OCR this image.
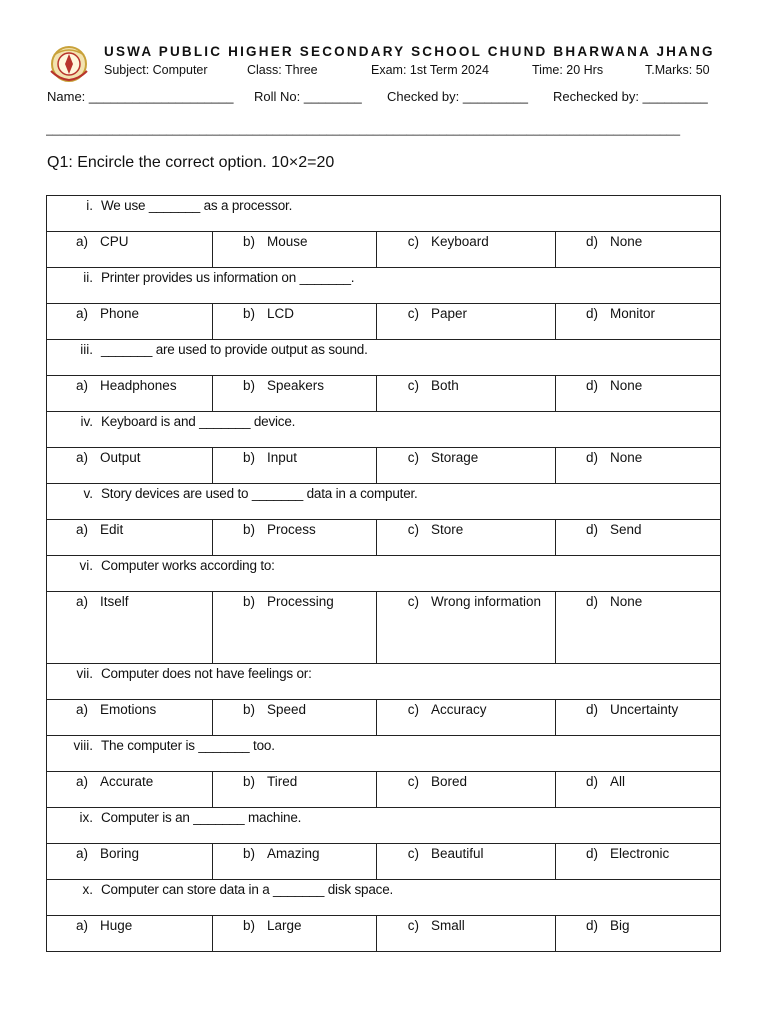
USWA PUBLIC HIGHER SECONDARY SCHOOL CHUND BHARWANA JHANG
Subject: Computer	Class: Three	Exam: 1st Term 2024	Time: 20 Hrs	T.Marks: 50
Name: ____________________ Roll No: ________ Checked by: _________ Rechecked by: _________
_______________________________________________________________________________________________
Q1: Encircle the correct option. 10×2=20
i. We use _______ as a processor.			

a) CPU	b) Mouse	c) Keyboard	d) None

ii. Printer provides us information on _______.			

a) Phone	b) LCD	c) Paper	d) Monitor

iii. _______ are used to provide output as sound.			

a) Headphones	b) Speakers	c) Both	d) None

iv. Keyboard is and _______ device.			

a) Output	b) Input	c) Storage	d) None

v. Story devices are used to _______ data in a computer.			

a) Edit	b) Process	c) Store	d) Send

vi. Computer works according to:			

a) Itself	b) Processing	c) Wrong information	d) None

vii. Computer does not have feelings or:			

a) Emotions	b) Speed	c) Accuracy	d) Uncertainty

viii. The computer is _______ too.			

a) Accurate	b) Tired	c) Bored	d) All

ix. Computer is an _______ machine.			

a) Boring	b) Amazing	c) Beautiful	d) Electronic

x. Computer can store data in a _______ disk space.			

a) Huge	b) Large	c) Small	d) Big
